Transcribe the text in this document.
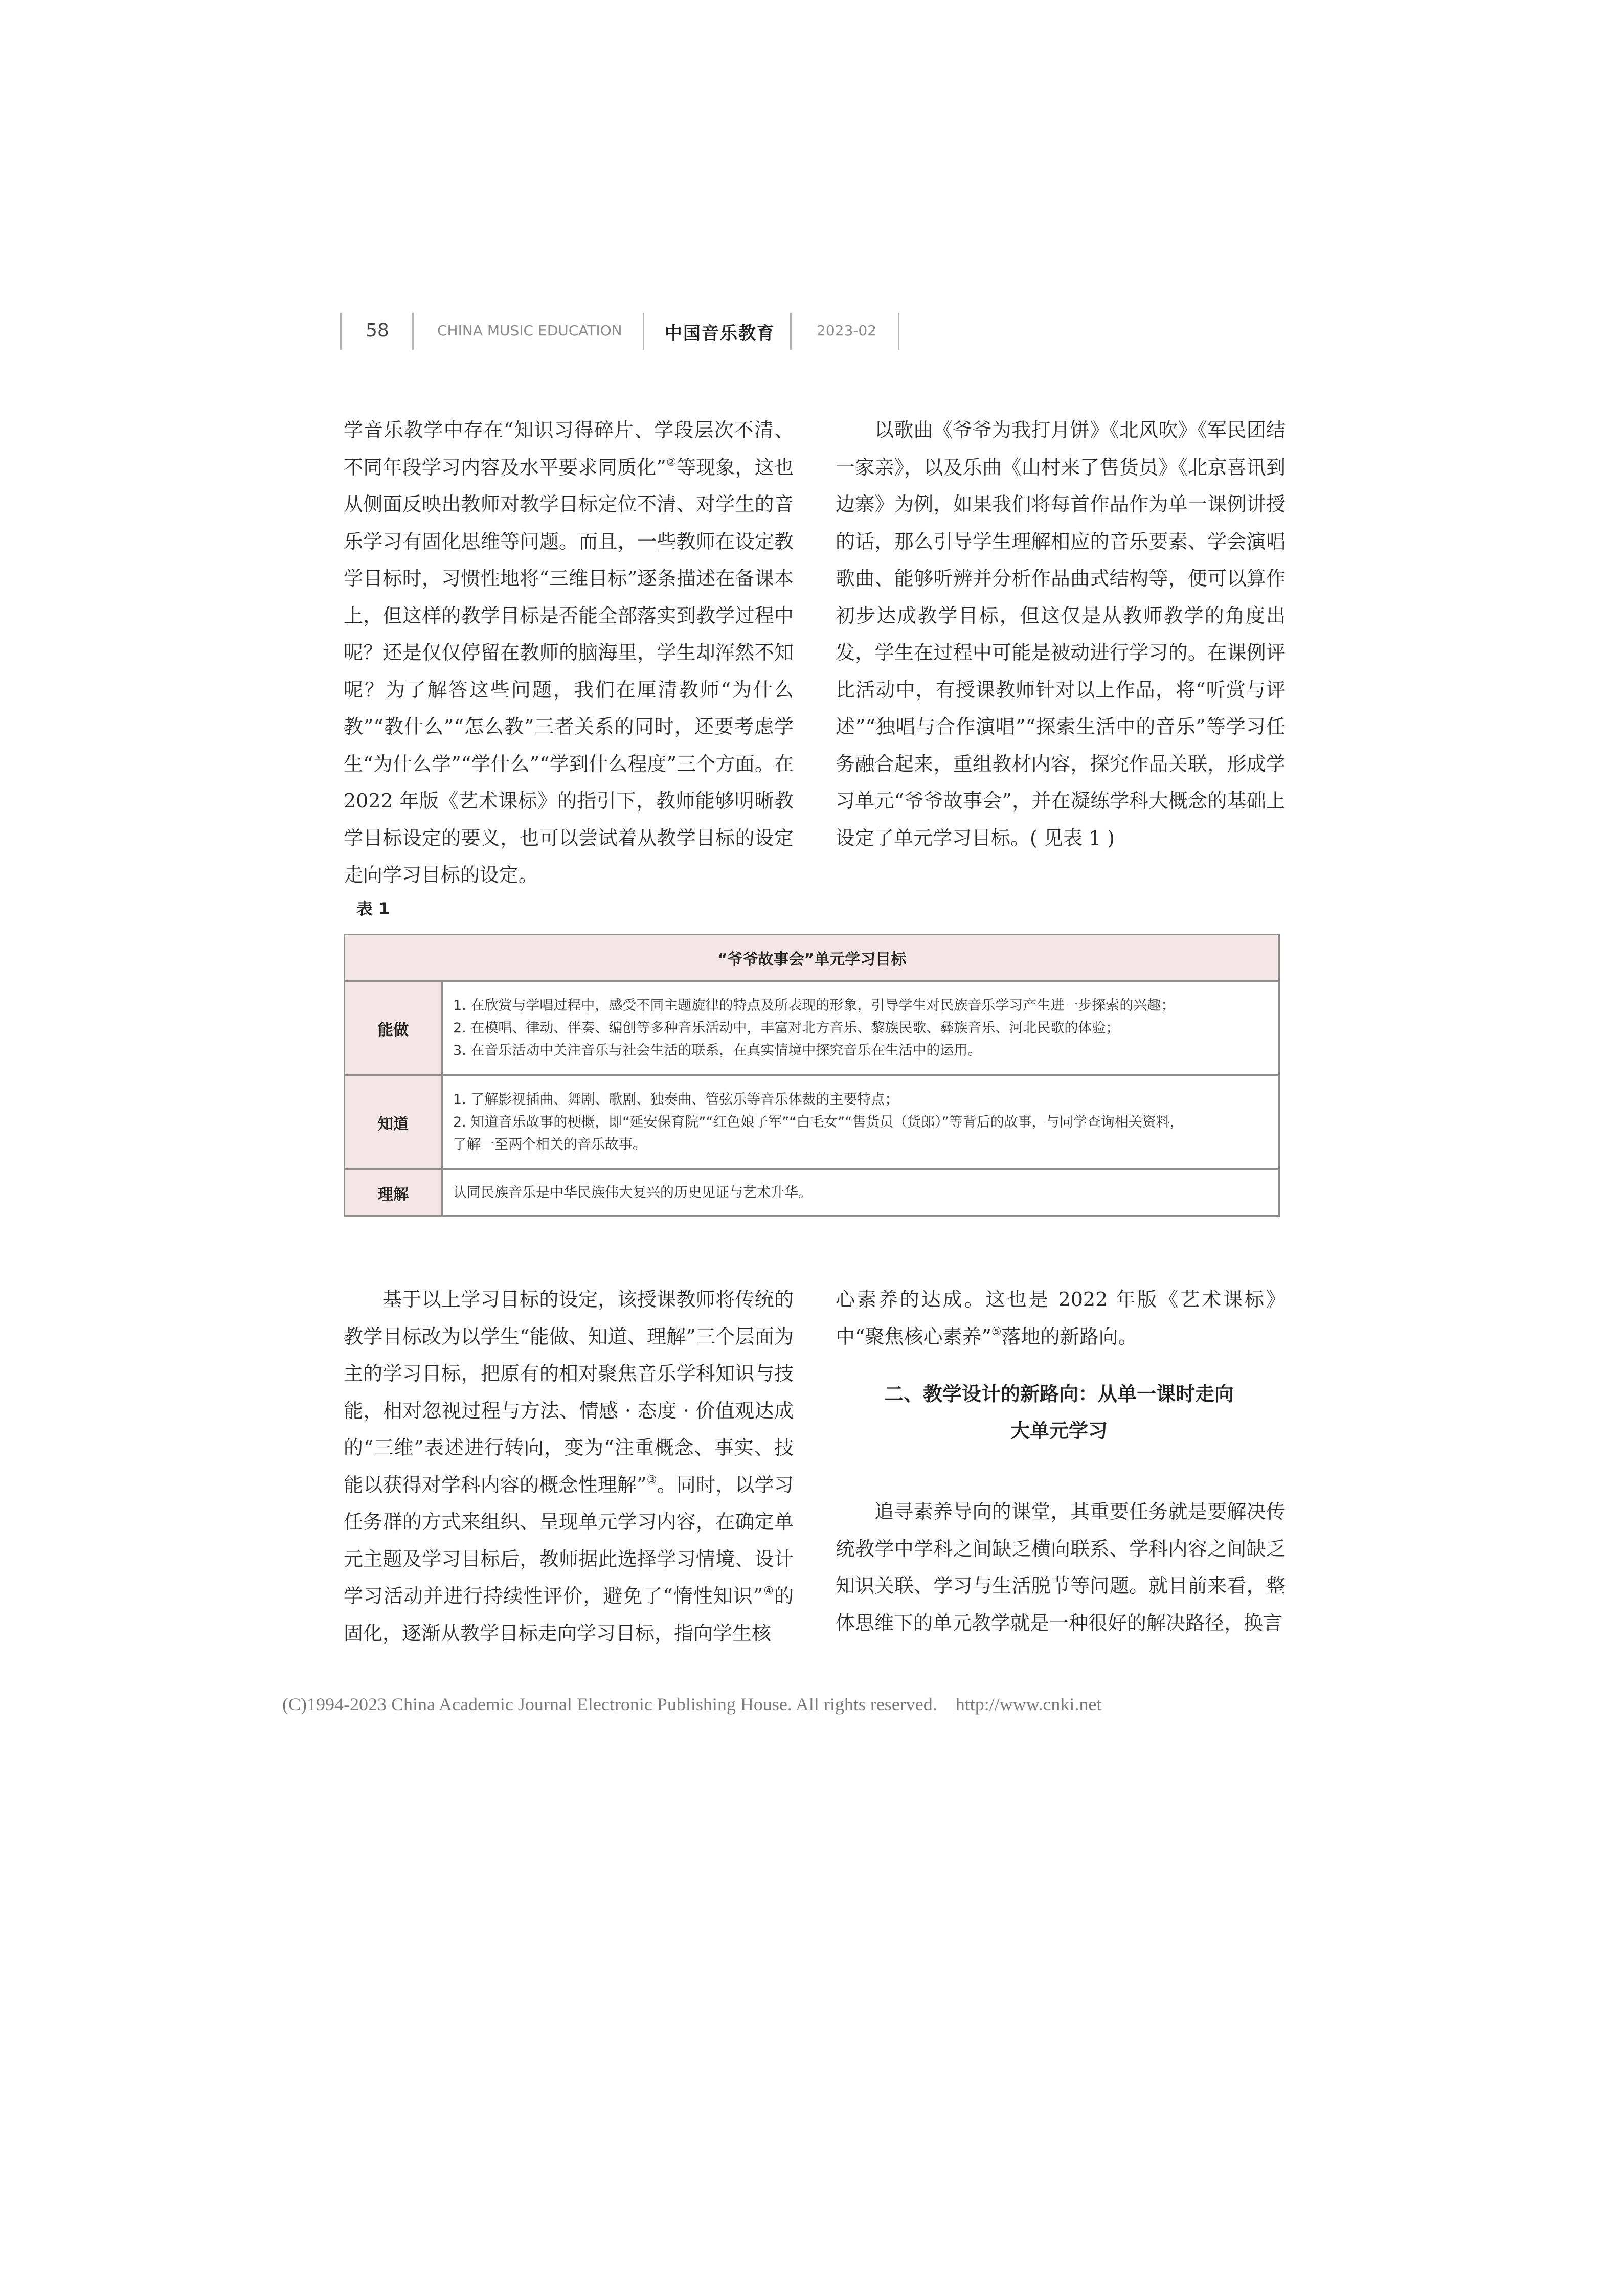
58	CHINA MUSIC EDUCATION 中国音乐教育	2023-02

学音乐教学中存在“知识习得碎片、学段层次不清、不同年段学习内容及水平要求同质化”②等现象，这也从侧面反映出教师对教学目标定位不清、对学生的音乐学习有固化思维等问题。而且，一些教师在设定教学目标时，习惯性地将“三维目标”逐条描述在备课本上，但这样的教学目标是否能全部落实到教学过程中呢？还是仅仅停留在教师的脑海里，学生却浑然不知呢？为了解答这些问题，我们在厘清教师“为什么教”“教什么”“怎么教”三者关系的同时，还要考虑学生“为什么学”“学什么”“学到什么程度”三个方面。在 2022 年版《艺术课标》的指引下，教师能够明晰教学目标设定的要义，也可以尝试着从教学目标的设定走向学习目标的设定。

以歌曲《爷爷为我打月饼》《北风吹》《军民团结一家亲》，以及乐曲《山村来了售货员》《北京喜讯到边寨》为例，如果我们将每首作品作为单一课例讲授的话，那么引导学生理解相应的音乐要素、学会演唱歌曲、能够听辨并分析作品曲式结构等，便可以算作初步达成教学目标，但这仅是从教师教学的角度出发，学生在过程中可能是被动进行学习的。在课例评比活动中，有授课教师针对以上作品，将“听赏与评述”“独唱与合作演唱”“探索生活中的音乐”等学习任务融合起来，重组教材内容，探究作品关联，形成学习单元“爷爷故事会”，并在凝练学科大概念的基础上设定了单元学习目标。( 见表 1 )

表 1
“爷爷故事会”单元学习目标	
能做	1. 在欣赏与学唱过程中，感受不同主题旋律的特点及所表现的形象，引导学生对民族音乐学习产生进一步探索的兴趣；
2. 在模唱、律动、伴奏、编创等多种音乐活动中，丰富对北方音乐、黎族民歌、彝族音乐、河北民歌的体验；
3. 在音乐活动中关注音乐与社会生活的联系，在真实情境中探究音乐在生活中的运用。

知道	1. 了解影视插曲、舞剧、歌剧、独奏曲、管弦乐等音乐体裁的主要特点；
2. 知道音乐故事的梗概，即“延安保育院”“红色娘子军”“白毛女”“售货员（货郎）”等背后的故事，与同学查询相关资料，
了解一至两个相关的音乐故事。

理解	认同民族音乐是中华民族伟大复兴的历史见证与艺术升华。

基于以上学习目标的设定，该授课教师将传统的教学目标改为以学生“能做、知道、理解”三个层面为主的学习目标，把原有的相对聚焦音乐学科知识与技能，相对忽视过程与方法、情感 · 态度 · 价值观达成的“三维”表述进行转向，变为“注重概念、事实、技能以获得对学科内容的概念性理解”③。同时，以学习任务群的方式来组织、呈现单元学习内容，在确定单元主题及学习目标后，教师据此选择学习情境、设计学习活动并进行持续性评价，避免了“惰性知识”④的固化，逐渐从教学目标走向学习目标，指向学生核

心素养的达成。这也是 2022 年版《艺术课标》中“聚焦核心素养”⑤落地的新路向。

二、教学设计的新路向：从单一课时走向
大单元学习

追寻素养导向的课堂，其重要任务就是要解决传统教学中学科之间缺乏横向联系、学科内容之间缺乏知识关联、学习与生活脱节等问题。就目前来看，整体思维下的单元教学就是一种很好的解决路径，换言

(C)1994-2023 China Academic Journal Electronic Publishing House. All rights reserved. http://www.cnki.net
